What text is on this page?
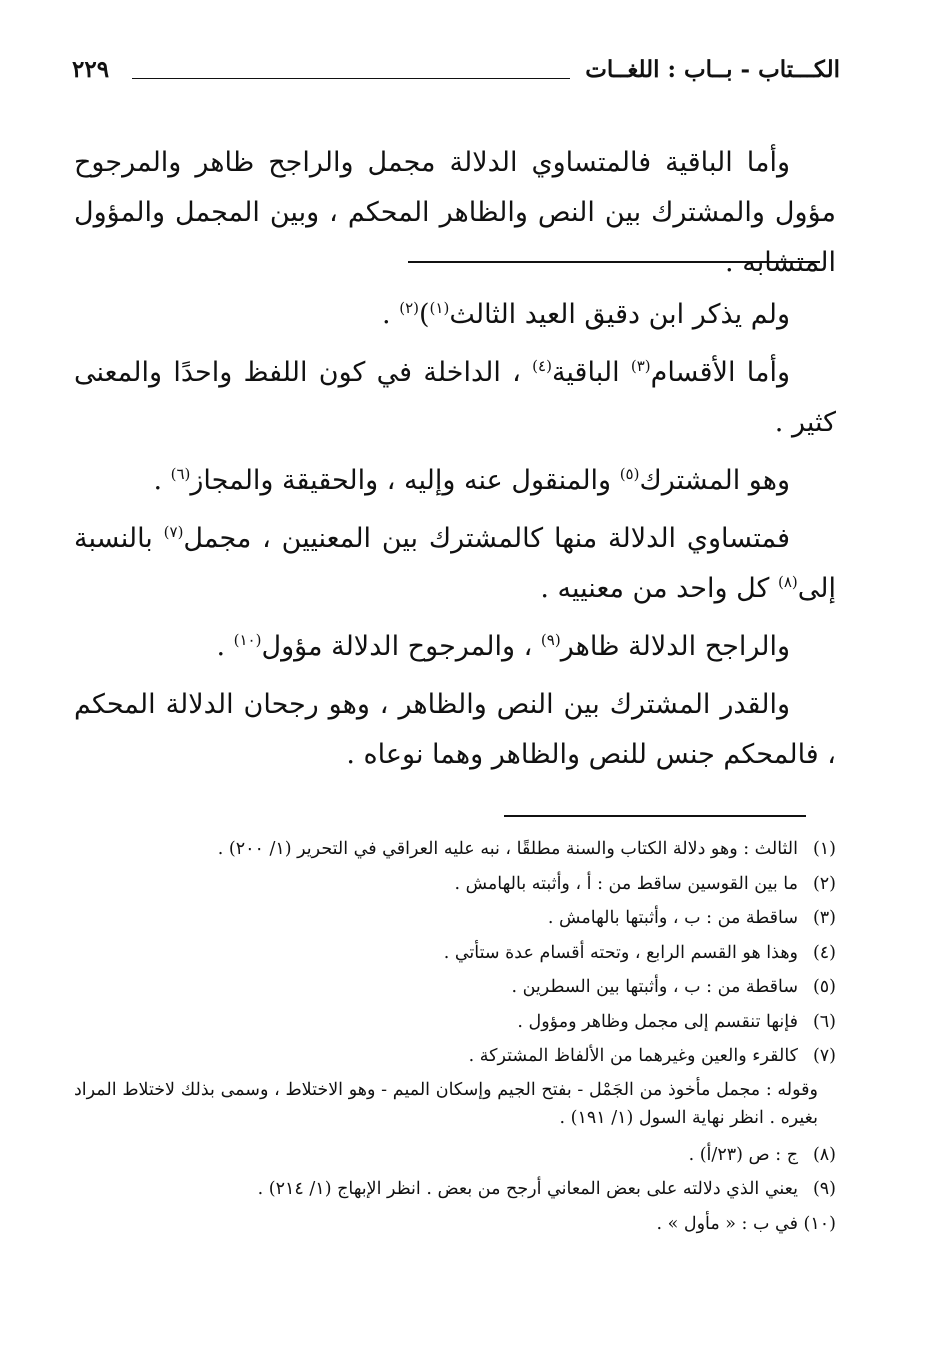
الكـــتاب - بــاب : اللغــات
٢٢٩

وأما الباقية فالمتساوي الدلالة مجمل والراجح ظاهر والمرجوح مؤول والمشترك بين النص والظاهر المحكم ، وبين المجمل والمؤول المتشابه .

ولم يذكر ابن دقيق العيد الثالث$^{(١)}$)$^{(٢)}$ .

وأما الأقسام$^{(٣)}$ الباقية$^{(٤)}$ ، الداخلة في كون اللفظ واحدًا والمعنى كثير .

وهو المشترك$^{(٥)}$ والمنقول عنه وإليه ، والحقيقة والمجاز$^{(٦)}$ .

فمتساوي الدلالة منها كالمشترك بين المعنيين ، مجمل$^{(٧)}$ بالنسبة إلى$^{(٨)}$ كل واحد من معنييه .

والراجح الدلالة ظاهر$^{(٩)}$ ، والمرجوح الدلالة مؤول$^{(١٠)}$ .

والقدر المشترك بين النص والظاهر ، وهو رجحان الدلالة المحكم ، فالمحكم جنس للنص والظاهر وهما نوعاه .

(١)
الثالث : وهو دلالة الكتاب والسنة مطلقًا ، نبه عليه العراقي في التحرير (١/ ٢٠٠) .
(٢)
ما بين القوسين ساقط من : أ ، وأثبته بالهامش .
(٣)
ساقطة من : ب ، وأثبتها بالهامش .
(٤)
وهذا هو القسم الرابع ، وتحته أقسام عدة ستأتي .
(٥)
ساقطة من : ب ، وأثبتها بين السطرين .
(٦)
فإنها تنقسم إلى مجمل وظاهر ومؤول .
(٧)
كالقرء والعين وغيرهما من الألفاظ المشتركة .
وقوله : مجمل مأخوذ من الجَمْل - بفتح الجيم وإسكان الميم - وهو الاختلاط ، وسمى بذلك لاختلاط المراد بغيره . انظر نهاية السول (١/ ١٩١) .
(٨)
ج : ص (٢٣/أ) .
(٩)
يعني الذي دلالته على بعض المعاني أرجح من بعض . انظر الإبهاج (١/ ٢١٤) .
(١٠)
في ب : « مأول » .
